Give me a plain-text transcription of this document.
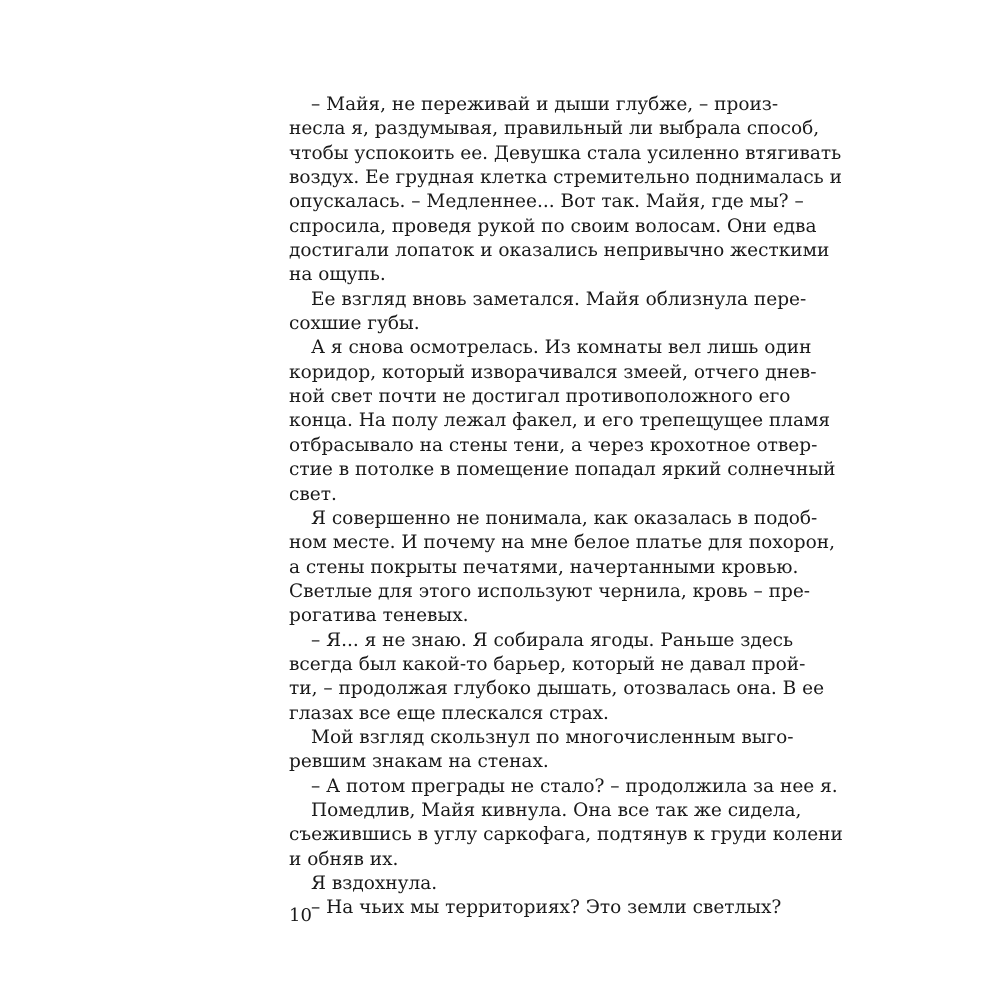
– Майя, не переживай и дыши глубже, – произ-
несла я, раздумывая, правильный ли выбрала способ,
чтобы успокоить ее. Девушка стала усиленно втягивать
воздух. Ее грудная клетка стремительно поднималась и
опускалась. – Медленнее... Вот так. Майя, где мы? –
спросила, проведя рукой по своим волосам. Они едва
достигали лопаток и оказались непривычно жесткими
на ощупь.
Ее взгляд вновь заметался. Майя облизнула пере-
сохшие губы.
А я снова осмотрелась. Из комнаты вел лишь один
коридор, который изворачивался змеей, отчего днев-
ной свет почти не достигал противоположного его
конца. На полу лежал факел, и его трепещущее пламя
отбрасывало на стены тени, а через крохотное отвер-
стие в потолке в помещение попадал яркий солнечный
свет.
Я совершенно не понимала, как оказалась в подоб-
ном месте. И почему на мне белое платье для похорон,
а стены покрыты печатями, начертанными кровью.
Светлые для этого используют чернила, кровь – пре-
рогатива теневых.
– Я... я не знаю. Я собирала ягоды. Раньше здесь
всегда был какой-то барьер, который не давал прой-
ти, – продолжая глубоко дышать, отозвалась она. В ее
глазах все еще плескался страх.
Мой взгляд скользнул по многочисленным выго-
ревшим знакам на стенах.
– А потом преграды не стало? – продолжила за нее я.
Помедлив, Майя кивнула. Она все так же сидела,
съежившись в углу саркофага, подтянув к груди колени
и обняв их.
Я вздохнула.
– На чьих мы территориях? Это земли светлых?
10
